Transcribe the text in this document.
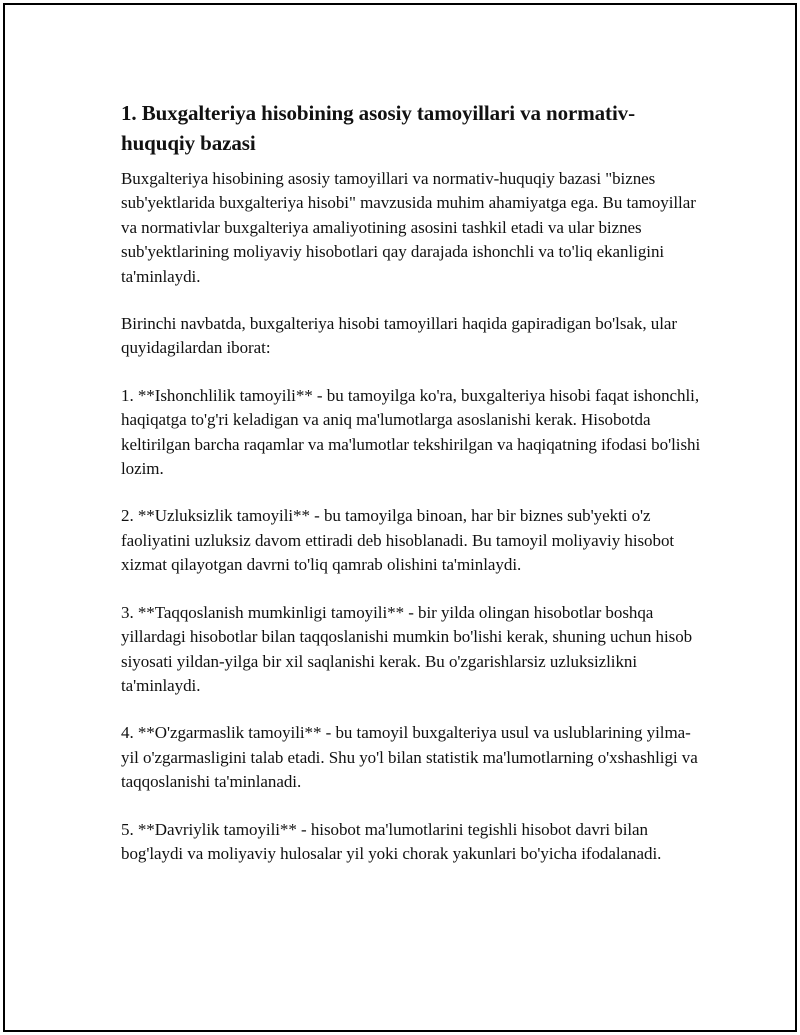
1. Buxgalteriya hisobining asosiy tamoyillari va normativ-huquqiy bazasi

Buxgalteriya hisobining asosiy tamoyillari va normativ-huquqiy bazasi "biznes sub'yektlarida buxgalteriya hisobi" mavzusida muhim ahamiyatga ega. Bu tamoyillar va normativlar buxgalteriya amaliyotining asosini tashkil etadi va ular biznes sub'yektlarining moliyaviy hisobotlari qay darajada ishonchli va to'liq ekanligini ta'minlaydi.

Birinchi navbatda, buxgalteriya hisobi tamoyillari haqida gapiradigan bo'lsak, ular quyidagilardan iborat:

1. **Ishonchlilik tamoyili** - bu tamoyilga ko'ra, buxgalteriya hisobi faqat ishonchli, haqiqatga to'g'ri keladigan va aniq ma'lumotlarga asoslanishi kerak. Hisobotda keltirilgan barcha raqamlar va ma'lumotlar tekshirilgan va haqiqatning ifodasi bo'lishi lozim.

2. **Uzluksizlik tamoyili** - bu tamoyilga binoan, har bir biznes sub'yekti o'z faoliyatini uzluksiz davom ettiradi deb hisoblanadi. Bu tamoyil moliyaviy hisobot xizmat qilayotgan davrni to'liq qamrab olishini ta'minlaydi.

3. **Taqqoslanish mumkinligi tamoyili** - bir yilda olingan hisobotlar boshqa yillardagi hisobotlar bilan taqqoslanishi mumkin bo'lishi kerak, shuning uchun hisob siyosati yildan-yilga bir xil saqlanishi kerak. Bu o'zgarishlarsiz uzluksizlikni ta'minlaydi.

4. **O'zgarmaslik tamoyili** - bu tamoyil buxgalteriya usul va uslublarining yilma-yil o'zgarmasligini talab etadi. Shu yo'l bilan statistik ma'lumotlarning o'xshashligi va taqqoslanishi ta'minlanadi.

5. **Davriylik tamoyili** - hisobot ma'lumotlarini tegishli hisobot davri bilan bog'laydi va moliyaviy hulosalar yil yoki chorak yakunlari bo'yicha ifodalanadi.
